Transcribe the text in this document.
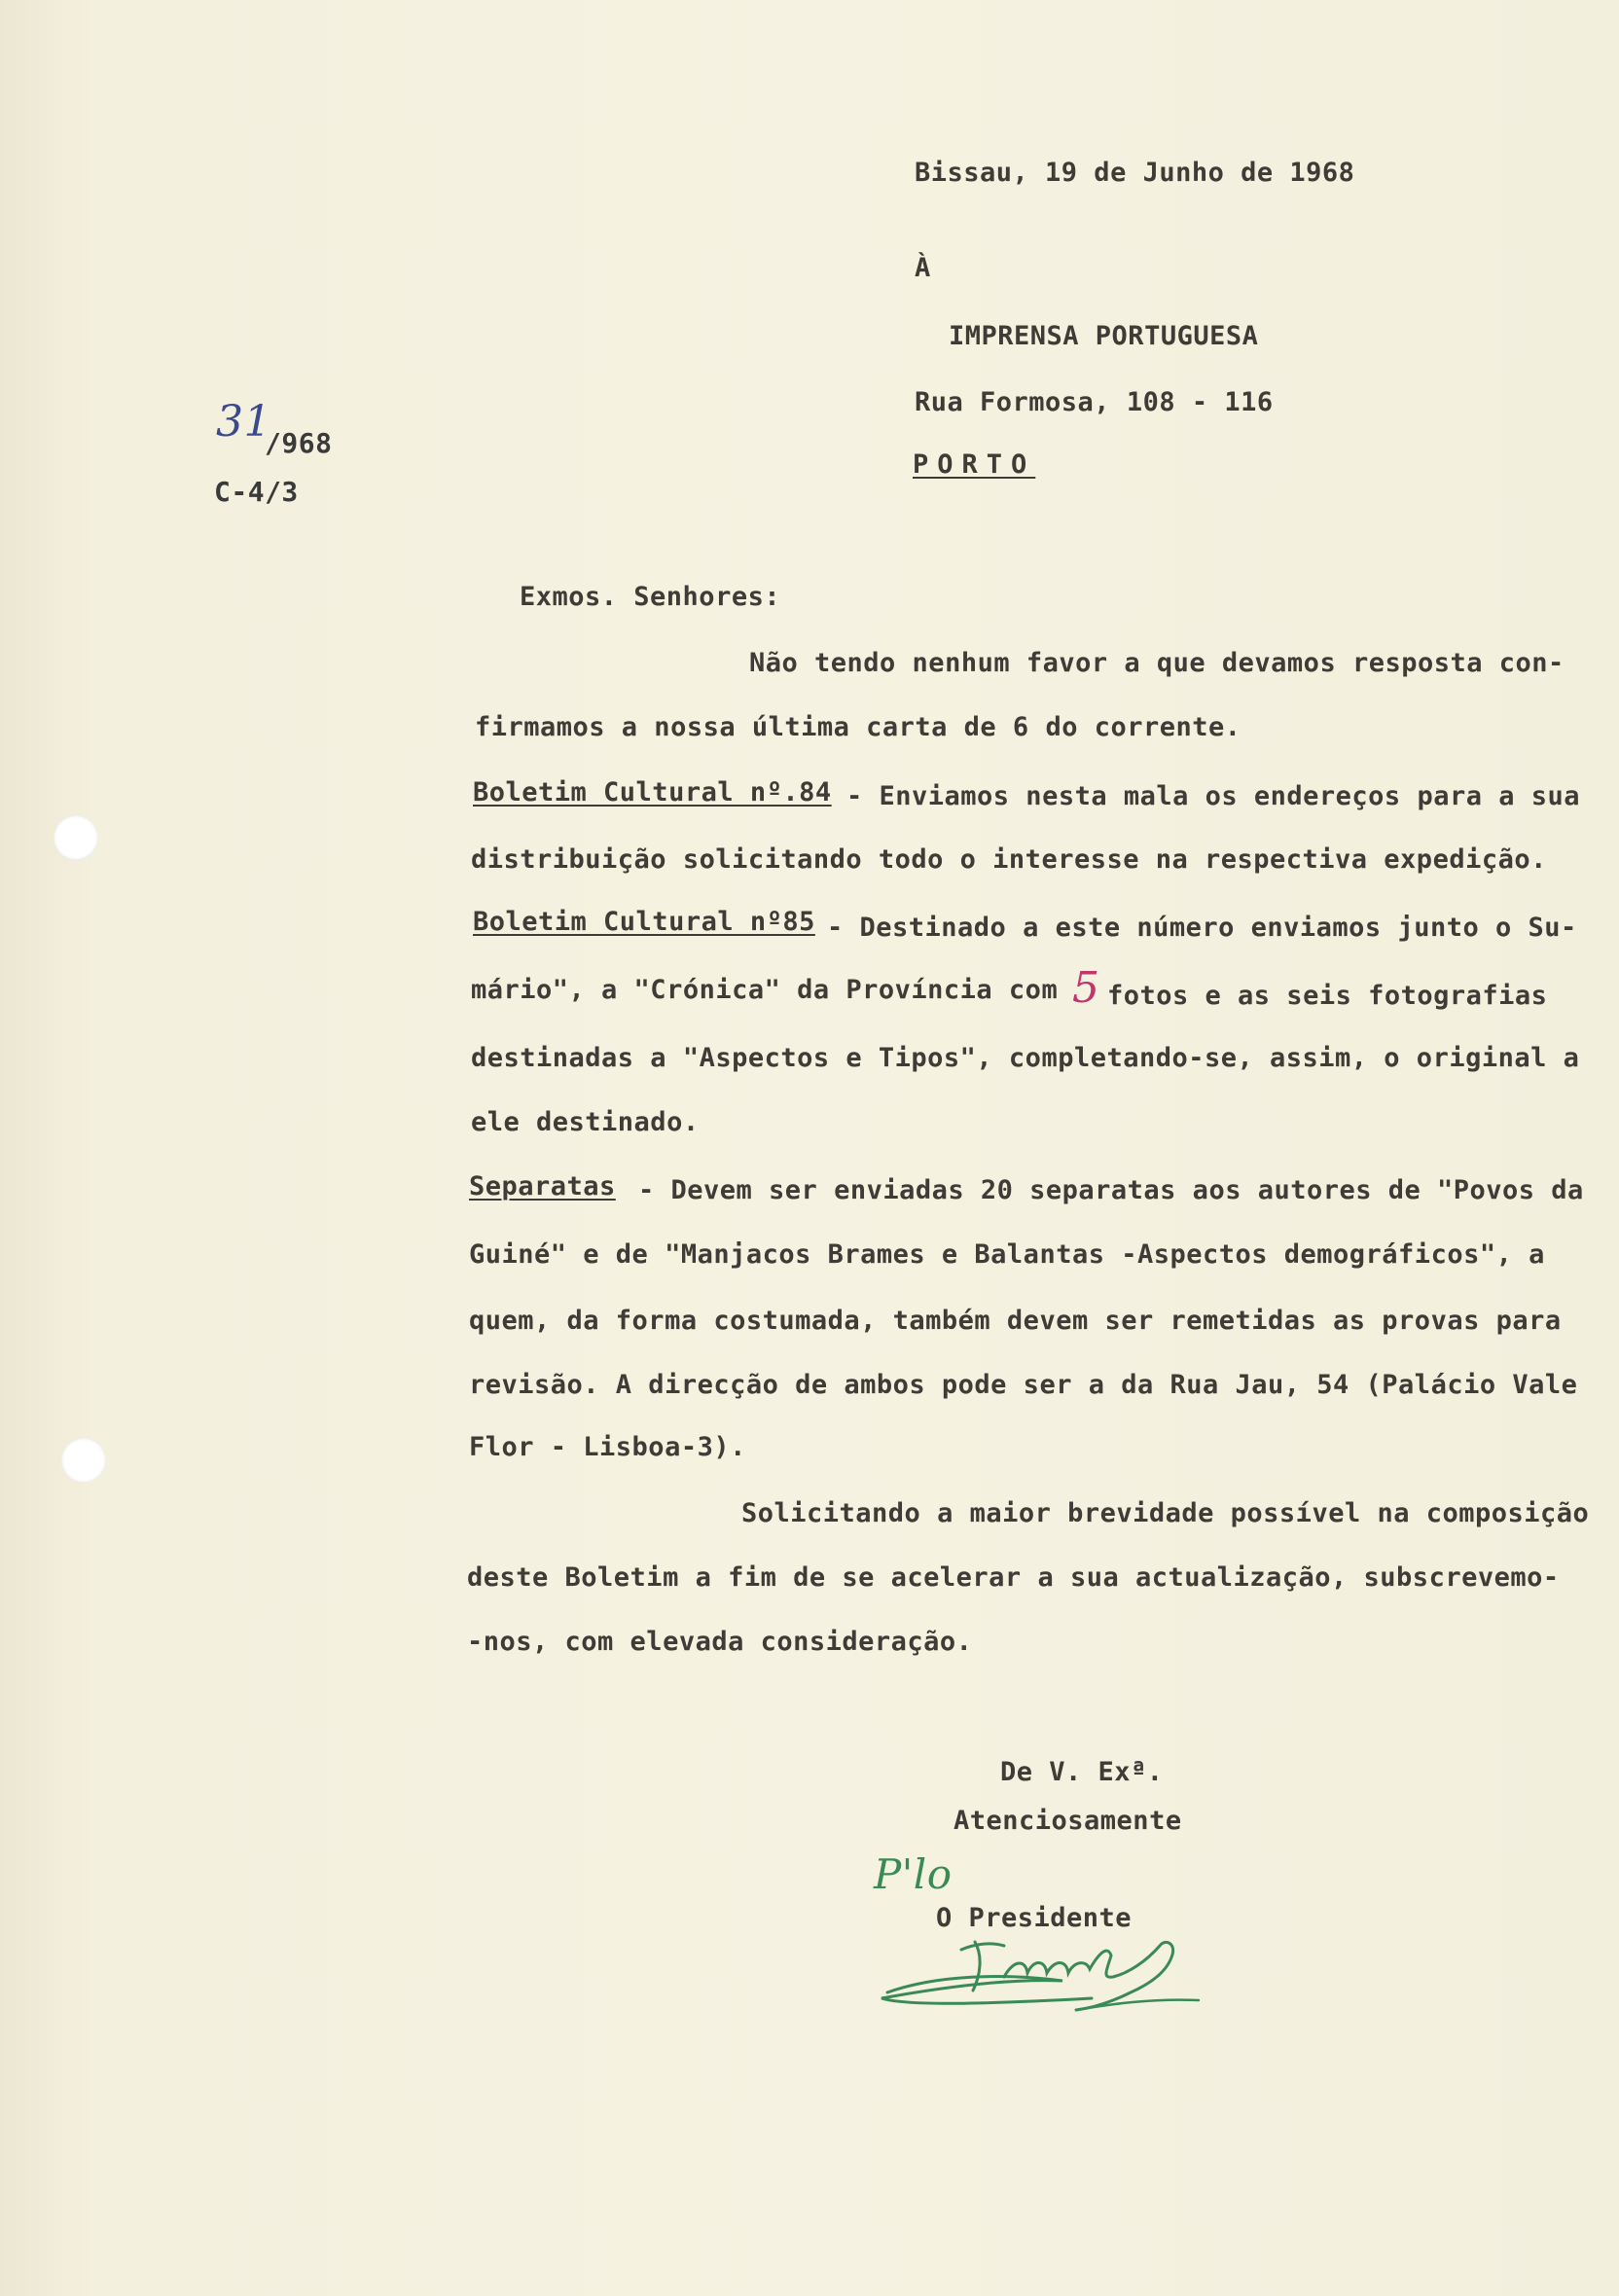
Bissau, 19 de Junho de 1968

À

IMPRENSA PORTUGUESA

Rua Formosa, 108 - 116

PORTO

31

/968

C-4/3

Exmos. Senhores:

Não tendo nenhum favor a que devamos resposta con-

firmamos a nossa última carta de 6 do corrente.

Boletim Cultural nº.84 - Enviamos nesta mala os endereços para a sua

distribuição solicitando todo o interesse na respectiva expedição.

Boletim Cultural nº85 - Destinado a este número enviamos junto o Su-

mário", a "Crónica" da Província com 5 fotos e as seis fotografias

destinadas a "Aspectos e Tipos", completando-se, assim, o original a

ele destinado.

Separatas - Devem ser enviadas 20 separatas aos autores de "Povos da

Guiné" e de "Manjacos Brames e Balantas -Aspectos demográficos", a

quem, da forma costumada, também devem ser remetidas as provas para

revisão. A direcção de ambos pode ser a da Rua Jau, 54 (Palácio Vale

Flor - Lisboa-3).

Solicitando a maior brevidade possível na composição

deste Boletim a fim de se acelerar a sua actualização, subscrevemo-

-nos, com elevada consideração.

De V. Exª.

Atenciosamente

P'lo

O Presidente
